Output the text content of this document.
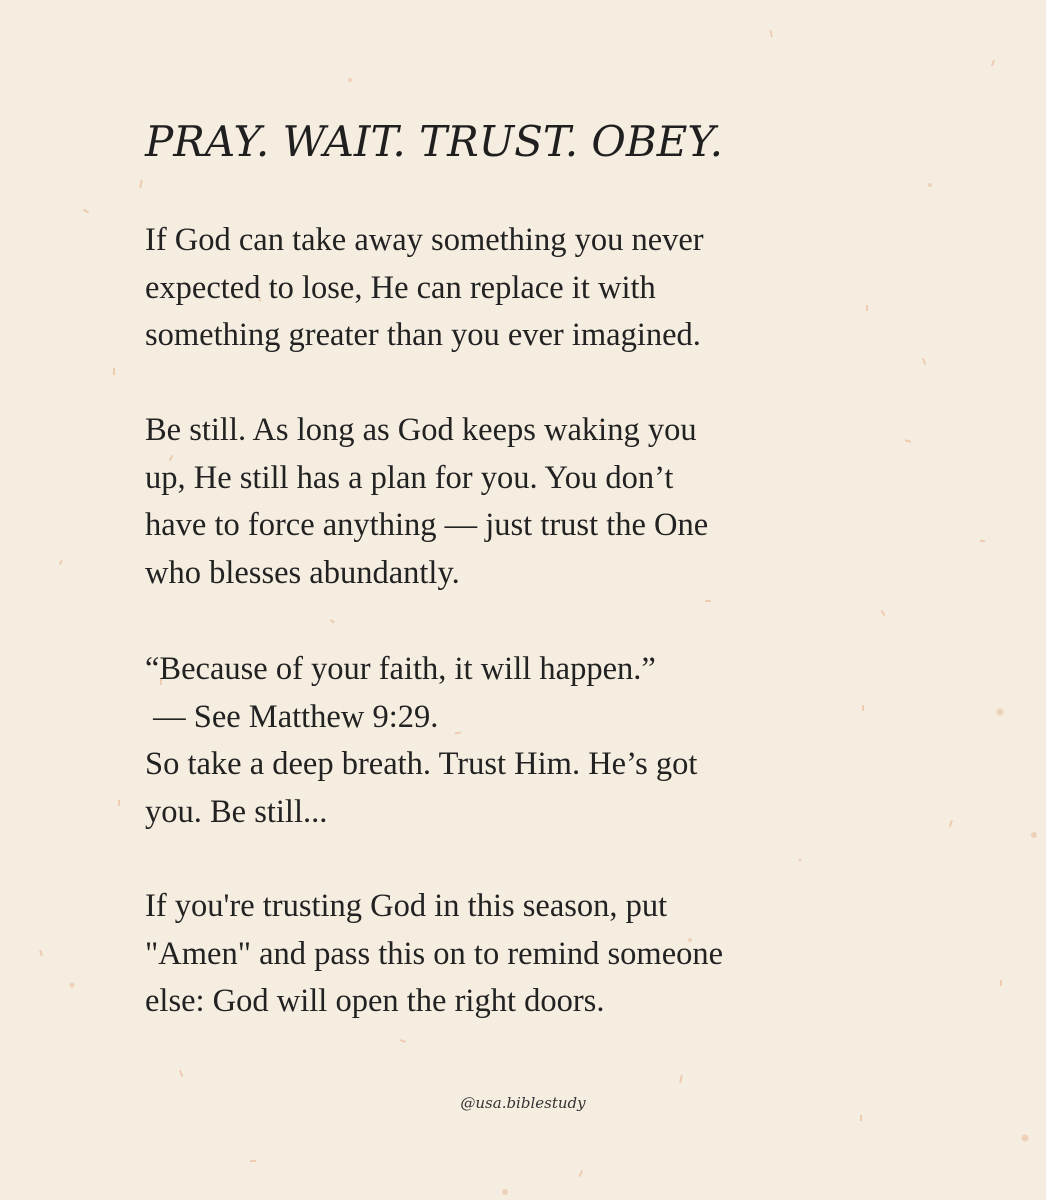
PRAY. WAIT. TRUST. OBEY.
If God can take away something you never
expected to lose, He can replace it with
something greater than you ever imagined.
Be still. As long as God keeps waking you
up, He still has a plan for you. You don’t
have to force anything — just trust the One
who blesses abundantly.
“Because of your faith, it will happen.”
— See Matthew 9:29.
So take a deep breath. Trust Him. He’s got
you. Be still...
If you're trusting God in this season, put
"Amen" and pass this on to remind someone
else: God will open the right doors.
@usa.biblestudy
